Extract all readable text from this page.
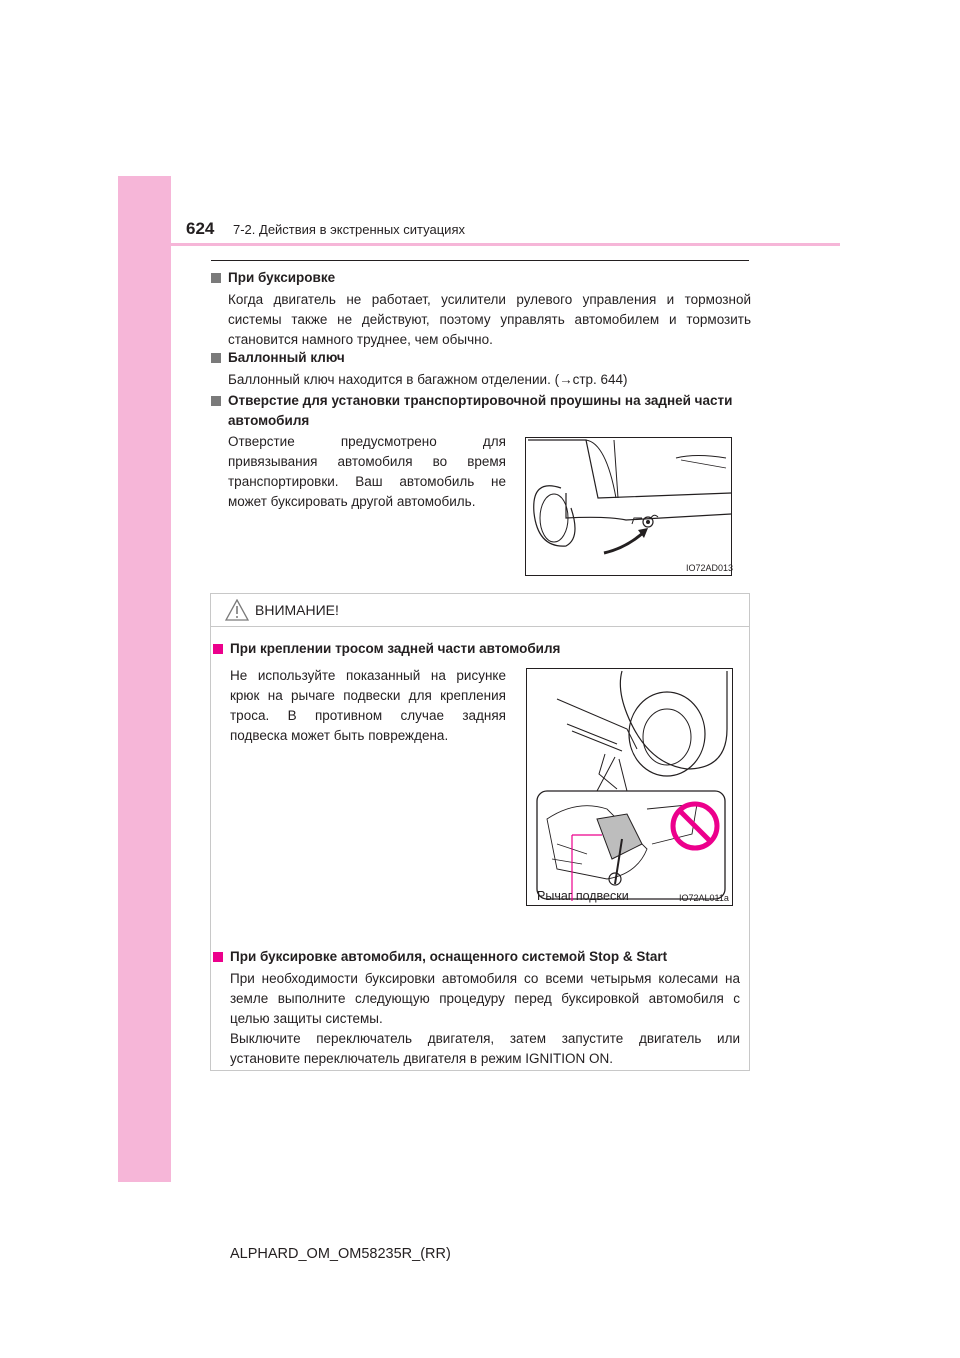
624 7-2. Действия в экстренных ситуациях
При буксировке
Когда двигатель не работает, усилители рулевого управления и тормозной системы также не действуют, поэтому управлять автомобилем и тормозить становится намного труднее, чем обычно.
Баллонный ключ
Баллонный ключ находится в багажном отделении. (→стр. 644)
Отверстие для установки транспортировочной проушины на задней части автомобиля
Отверстие предусмотрено для привязывания автомобиля во время транспортировки. Ваш автомобиль не может буксировать другой автомобиль.
IO72AD013
ВНИМАНИЕ!
При креплении тросом задней части автомобиля
Не используйте показанный на рисунке крюк на рычаге подвески для крепления троса. В противном случае задняя подвеска может быть повреждена.
Рычаг подвески	IO72AL011a
При буксировке автомобиля, оснащенного системой Stop & Start
При необходимости буксировки автомобиля со всеми четырьмя колесами на земле выполните следующую процедуру перед буксировкой автомобиля с целью защиты системы.
Выключите переключатель двигателя, затем запустите двигатель или установите переключатель двигателя в режим IGNITION ON.
ALPHARD_OM_OM58235R_(RR)
